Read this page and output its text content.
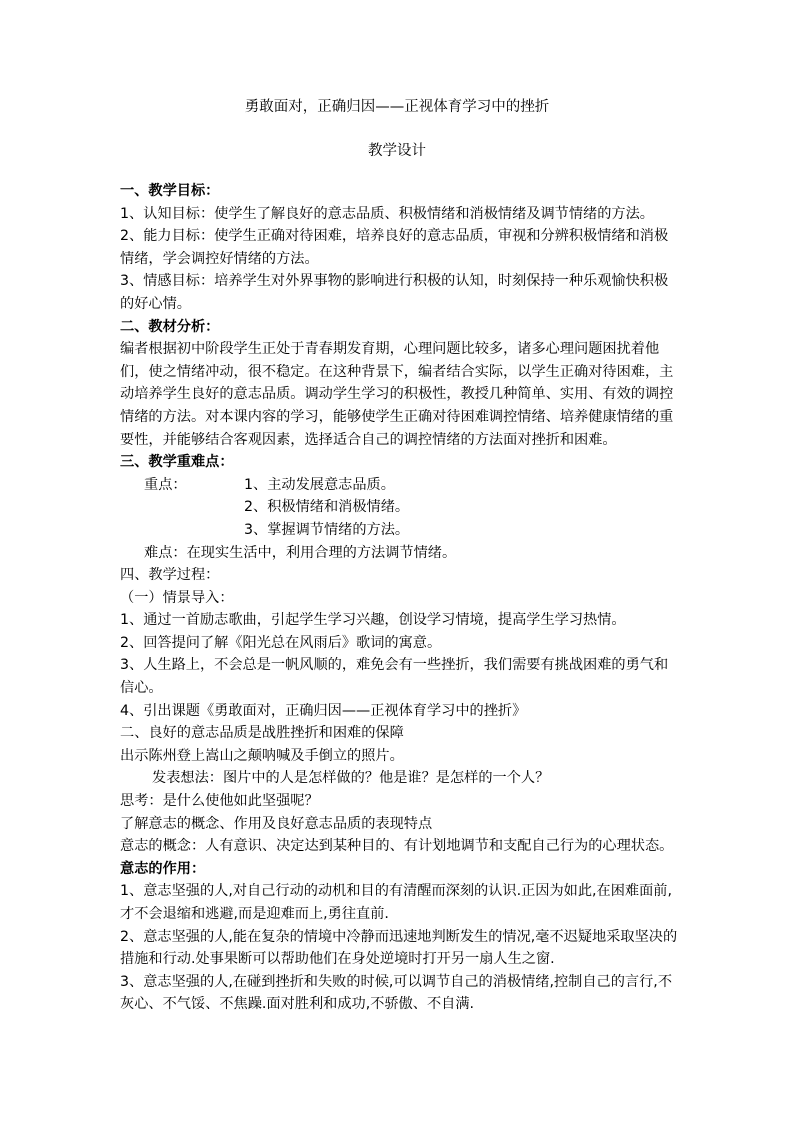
勇敢面对，正确归因——正视体育学习中的挫折
教学设计

一、教学目标：

1、认知目标：使学生了解良好的意志品质、积极情绪和消极情绪及调节情绪的方法。

2、能力目标：使学生正确对待困难，培养良好的意志品质，审视和分辨积极情绪和消极情绪，学会调控好情绪的方法。

3、情感目标：培养学生对外界事物的影响进行积极的认知，时刻保持一种乐观愉快积极的好心情。

二、教材分析：

编者根据初中阶段学生正处于青春期发育期，心理问题比较多，诸多心理问题困扰着他们，使之情绪冲动，很不稳定。在这种背景下，编者结合实际，以学生正确对待困难，主动培养学生良好的意志品质。调动学生学习的积极性，教授几种简单、实用、有效的调控情绪的方法。对本课内容的学习，能够使学生正确对待困难调控情绪、培养健康情绪的重要性，并能够结合客观因素，选择适合自己的调控情绪的方法面对挫折和困难。

三、教学重难点：

重点：	1、主动发展意志品质。

2、积极情绪和消极情绪。

3、掌握调节情绪的方法。

难点：在现实生活中，利用合理的方法调节情绪。

四、教学过程：

（一）情景导入：

1、通过一首励志歌曲，引起学生学习兴趣，创设学习情境，提高学生学习热情。

2、回答提问了解《阳光总在风雨后》歌词的寓意。

3、人生路上，不会总是一帆风顺的，难免会有一些挫折，我们需要有挑战困难的勇气和信心。

4、引出课题《勇敢面对，正确归因——正视体育学习中的挫折》

二、良好的意志品质是战胜挫折和困难的保障

出示陈州登上嵩山之颠呐喊及手倒立的照片。

发表想法：图片中的人是怎样做的？他是谁？是怎样的一个人？

思考：是什么使他如此坚强呢？

了解意志的概念、作用及良好意志品质的表现特点

意志的概念：人有意识、决定达到某种目的、有计划地调节和支配自己行为的心理状态。

意志的作用：

1、意志坚强的人,对自己行动的动机和目的有清醒而深刻的认识.正因为如此,在困难面前,才不会退缩和逃避,而是迎难而上,勇往直前.

2、意志坚强的人,能在复杂的情境中冷静而迅速地判断发生的情况,毫不迟疑地采取坚决的措施和行动.处事果断可以帮助他们在身处逆境时打开另一扇人生之窗.

3、意志坚强的人,在碰到挫折和失败的时候,可以调节自己的消极情绪,控制自己的言行,不灰心、不气馁、不焦躁.面对胜利和成功,不骄傲、不自满.
